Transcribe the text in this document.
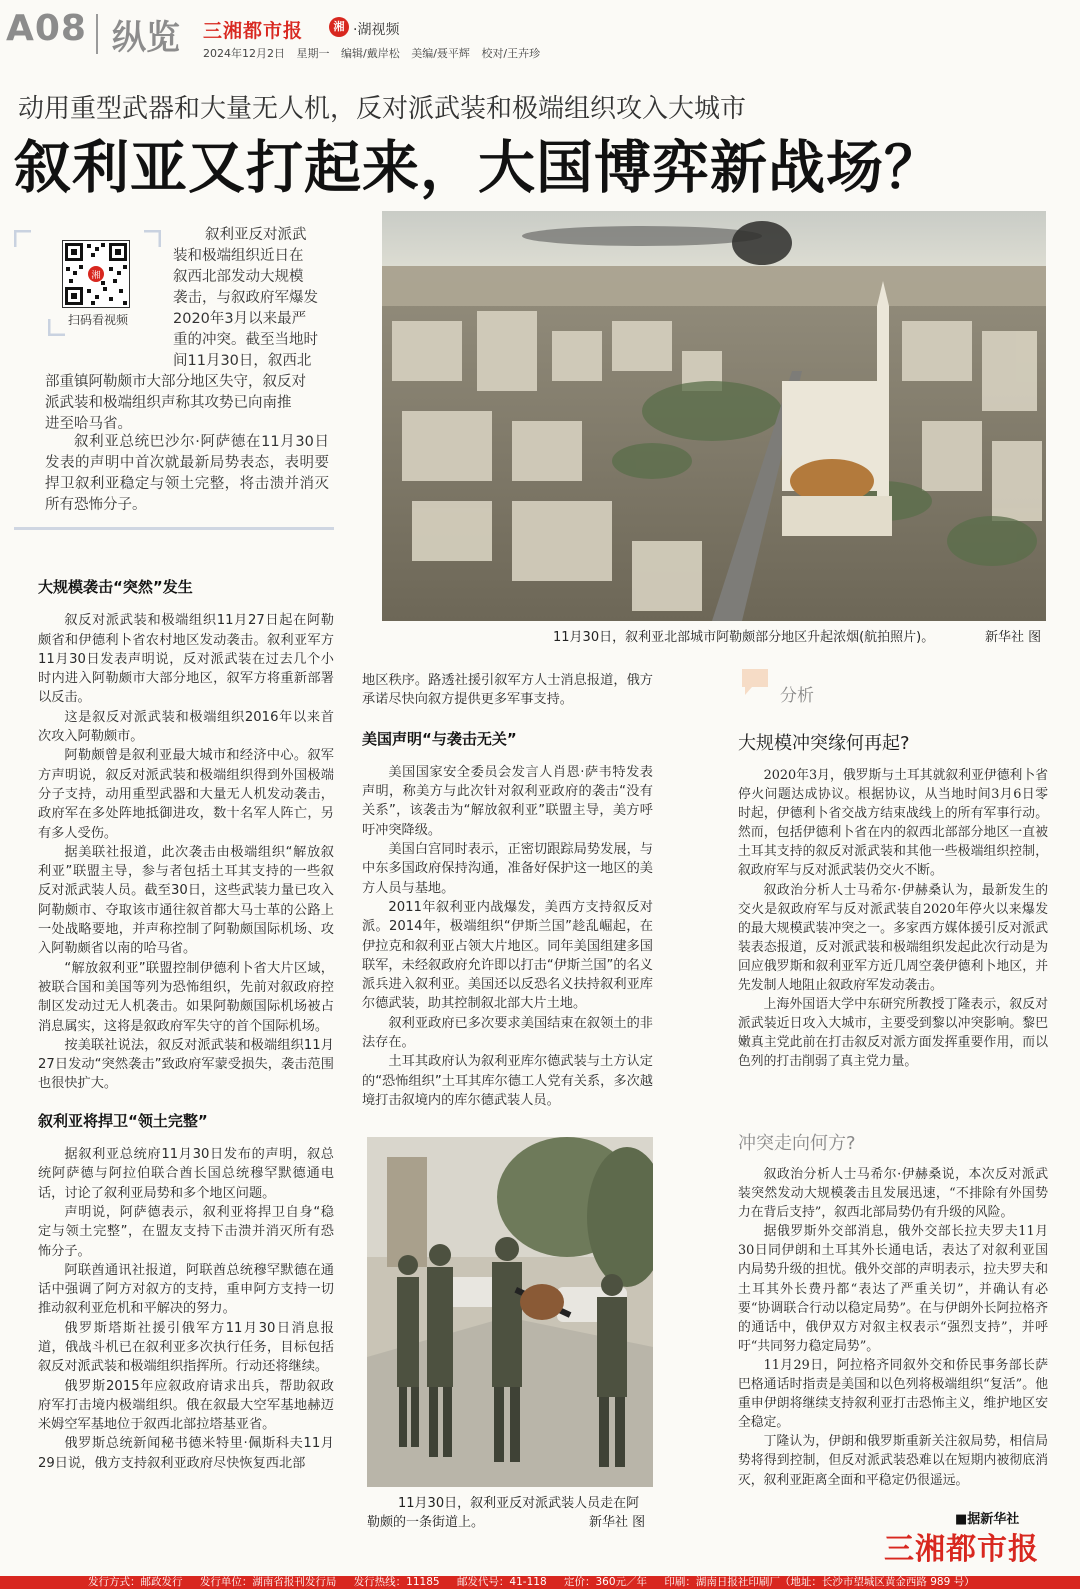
A08 纵览 三湘都市报	湘 ·湖视频
2024年12月2日 星期一 编辑/戴岸松 美编/聂平辉 校对/王卉珍
动用重型武器和大量无人机，反对派武装和极端组织攻入大城市
叙利亚又打起来，大国博弈新战场？
湘
扫码看视频
叙利亚反对派武
装和极端组织近日在
叙西北部发动大规模
袭击，与叙政府军爆发
2020年3月以来最严
重的冲突。截至当地时
间11月30日，叙西北
部重镇阿勒颇市大部分地区失守，叙反对
派武装和极端组织声称其攻势已向南推
进至哈马省。
叙利亚总统巴沙尔·阿萨德在11月30日发表的声明中首次就最新局势表态，表明要捍卫叙利亚稳定与领土完整，将击溃并消灭所有恐怖分子。
11月30日，叙利亚北部城市阿勒颇部分地区升起浓烟(航拍照片)。	新华社 图
大规模袭击“突然”发生

叙反对派武装和极端组织11月27日起在阿勒颇省和伊德利卜省农村地区发动袭击。叙利亚军方11月30日发表声明说，反对派武装在过去几个小时内进入阿勒颇市大部分地区，叙军方将重新部署以反击。

这是叙反对派武装和极端组织2016年以来首次攻入阿勒颇市。

阿勒颇曾是叙利亚最大城市和经济中心。叙军方声明说，叙反对派武装和极端组织得到外国极端分子支持，动用重型武器和大量无人机发动袭击，政府军在多处阵地抵御进攻，数十名军人阵亡，另有多人受伤。

据美联社报道，此次袭击由极端组织“解放叙利亚”联盟主导，参与者包括土耳其支持的一些叙反对派武装人员。截至30日，这些武装力量已攻入阿勒颇市、夺取该市通往叙首都大马士革的公路上一处战略要地，并声称控制了阿勒颇国际机场、攻入阿勒颇省以南的哈马省。

“解放叙利亚”联盟控制伊德利卜省大片区域，被联合国和美国等列为恐怖组织，先前对叙政府控制区发动过无人机袭击。如果阿勒颇国际机场被占消息属实，这将是叙政府军失守的首个国际机场。

按美联社说法，叙反对派武装和极端组织11月27日发动“突然袭击”致政府军蒙受损失，袭击范围也很快扩大。

叙利亚将捍卫“领土完整”

据叙利亚总统府11月30日发布的声明，叙总统阿萨德与阿拉伯联合酋长国总统穆罕默德通电话，讨论了叙利亚局势和多个地区问题。

声明说，阿萨德表示，叙利亚将捍卫自身“稳定与领土完整”，在盟友支持下击溃并消灭所有恐怖分子。

阿联酋通讯社报道，阿联酋总统穆罕默德在通话中强调了阿方对叙方的支持，重申阿方支持一切推动叙利亚危机和平解决的努力。

俄罗斯塔斯社援引俄军方11月30日消息报道，俄战斗机已在叙利亚多次执行任务，目标包括叙反对派武装和极端组织指挥所。行动还将继续。

俄罗斯2015年应叙政府请求出兵，帮助叙政府军打击境内极端组织。俄在叙最大空军基地赫迈米姆空军基地位于叙西北部拉塔基亚省。

俄罗斯总统新闻秘书德米特里·佩斯科夫11月29日说，俄方支持叙利亚政府尽快恢复西北部

地区秩序。路透社援引叙军方人士消息报道，俄方承诺尽快向叙方提供更多军事支持。

美国声明“与袭击无关”

美国国家安全委员会发言人肖恩·萨韦特发表声明，称美方与此次针对叙利亚政府的袭击“没有关系”，该袭击为“解放叙利亚”联盟主导，美方呼吁冲突降级。

美国白宫同时表示，正密切跟踪局势发展，与中东多国政府保持沟通，准备好保护这一地区的美方人员与基地。

2011年叙利亚内战爆发，美西方支持叙反对派。2014年，极端组织“伊斯兰国”趁乱崛起，在伊拉克和叙利亚占领大片地区。同年美国组建多国联军，未经叙政府允许即以打击“伊斯兰国”的名义派兵进入叙利亚。美国还以反恐名义扶持叙利亚库尔德武装，助其控制叙北部大片土地。

叙利亚政府已多次要求美国结束在叙领土的非法存在。

土耳其政府认为叙利亚库尔德武装与土方认定的“恐怖组织”土耳其库尔德工人党有关系，多次越境打击叙境内的库尔德武装人员。

11月30日，叙利亚反对派武装人员走在阿
勒颇的一条街道上。	新华社 图
分析
大规模冲突缘何再起?

2020年3月，俄罗斯与土耳其就叙利亚伊德利卜省停火问题达成协议。根据协议，从当地时间3月6日零时起，伊德利卜省交战方结束战线上的所有军事行动。然而，包括伊德利卜省在内的叙西北部部分地区一直被土耳其支持的叙反对派武装和其他一些极端组织控制，叙政府军与反对派武装仍交火不断。

叙政治分析人士马希尔·伊赫桑认为，最新发生的交火是叙政府军与反对派武装自2020年停火以来爆发的最大规模武装冲突之一。多家西方媒体援引反对派武装表态报道，反对派武装和极端组织发起此次行动是为回应俄罗斯和叙利亚军方近几周空袭伊德利卜地区，并先发制人地阻止叙政府军发动袭击。

上海外国语大学中东研究所教授丁隆表示，叙反对派武装近日攻入大城市，主要受到黎以冲突影响。黎巴嫩真主党此前在打击叙反对派方面发挥重要作用，而以色列的打击削弱了真主党力量。

冲突走向何方?

叙政治分析人士马希尔·伊赫桑说，本次反对派武装突然发动大规模袭击且发展迅速，“不排除有外国势力在背后支持”，叙西北部局势仍有升级的风险。

据俄罗斯外交部消息，俄外交部长拉夫罗夫11月30日同伊朗和土耳其外长通电话，表达了对叙利亚国内局势升级的担忧。俄外交部的声明表示，拉夫罗夫和土耳其外长费丹都“表达了严重关切”，并确认有必要“协调联合行动以稳定局势”。在与伊朗外长阿拉格齐的通话中，俄伊双方对叙主权表示“强烈支持”，并呼吁“共同努力稳定局势”。

11月29日，阿拉格齐同叙外交和侨民事务部长萨巴格通话时指责是美国和以色列将极端组织“复活”。他重申伊朗将继续支持叙利亚打击恐怖主义，维护地区安全稳定。

丁隆认为，伊朗和俄罗斯重新关注叙局势，相信局势将得到控制，但反对派武装恐难以在短期内被彻底消灭，叙利亚距离全面和平稳定仍很遥远。

■据新华社
三湘都市报
发行方式：邮政发行 发行单位：湖南省报刊发行局 发行热线：11185 邮发代号：41-118 定价：360元／年 印刷：湖南日报社印刷厂（地址：长沙市望城区黄金西路 989 号）
